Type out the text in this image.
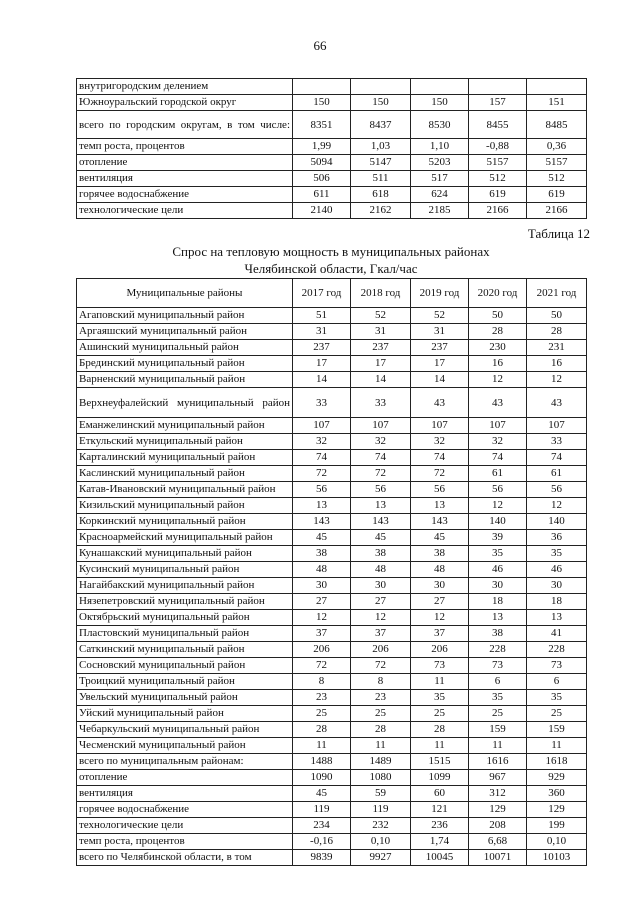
66
внутригородским делением					
Южноуральский городской округ	150	150	150	157	151
всего по городским округам, в том числе:	8351	8437	8530	8455	8485
темп роста, процентов	1,99	1,03	1,10	-0,88	0,36
отопление	5094	5147	5203	5157	5157
вентиляция	506	511	517	512	512
горячее водоснабжение	611	618	624	619	619
технологические цели	2140	2162	2185	2166	2166
Таблица 12
Спрос на тепловую мощность в муниципальных районах
Челябинской области, Гкал/час
Муниципальные районы	2017 год	2018 год	2019 год	2020 год	2021 год
Агаповский муниципальный район	51	52	52	50	50
Аргаяшский муниципальный район	31	31	31	28	28
Ашинский муниципальный район	237	237	237	230	231
Брединский муниципальный район	17	17	17	16	16
Варненский муниципальный район	14	14	14	12	12
Верхнеуфалейский муниципальный район	33	33	43	43	43
Еманжелинский муниципальный район	107	107	107	107	107
Еткульский муниципальный район	32	32	32	32	33
Карталинский муниципальный район	74	74	74	74	74
Каслинский муниципальный район	72	72	72	61	61
Катав-Ивановский муниципальный район	56	56	56	56	56
Кизильский муниципальный район	13	13	13	12	12
Коркинский муниципальный район	143	143	143	140	140
Красноармейский муниципальный район	45	45	45	39	36
Кунашакский муниципальный район	38	38	38	35	35
Кусинский муниципальный район	48	48	48	46	46
Нагайбакский муниципальный район	30	30	30	30	30
Нязепетровский муниципальный район	27	27	27	18	18
Октябрьский муниципальный район	12	12	12	13	13
Пластовский муниципальный район	37	37	37	38	41
Саткинский муниципальный район	206	206	206	228	228
Сосновский муниципальный район	72	72	73	73	73
Троицкий муниципальный район	8	8	11	6	6
Увельский муниципальный район	23	23	35	35	35
Уйский муниципальный район	25	25	25	25	25
Чебаркульский муниципальный район	28	28	28	159	159
Чесменский муниципальный район	11	11	11	11	11
всего по муниципальным районам:	1488	1489	1515	1616	1618
отопление	1090	1080	1099	967	929
вентиляция	45	59	60	312	360
горячее водоснабжение	119	119	121	129	129
технологические цели	234	232	236	208	199
темп роста, процентов	-0,16	0,10	1,74	6,68	0,10
всего по Челябинской области, в том	9839	9927	10045	10071	10103
